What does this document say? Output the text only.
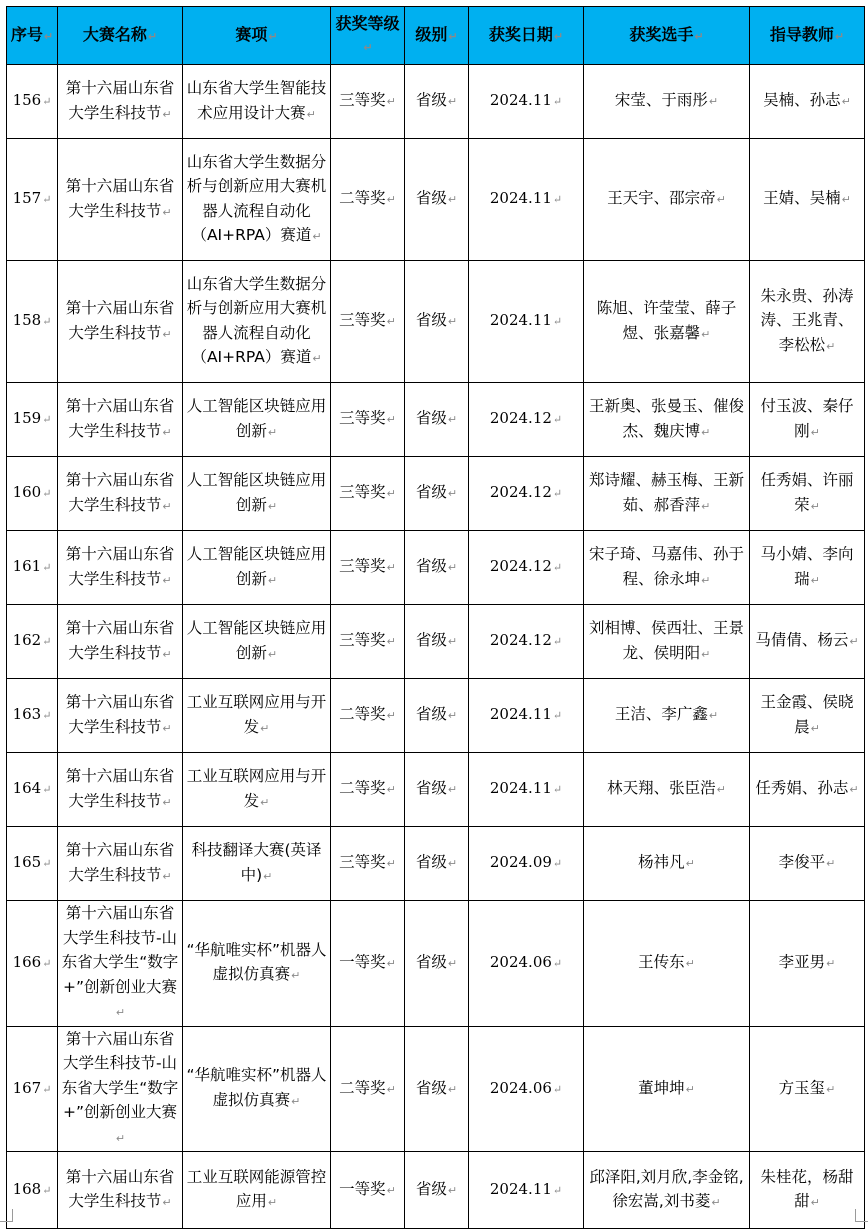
序号↵	大赛名称↵	赛项↵	获奖等级↵	级别↵	获奖日期↵	获奖选手↵	指导教师↵
156↵	第十六届山东省大学生科技节↵	山东省大学生智能技术应用设计大赛↵	三等奖↵	省级↵	2024.11↵	宋莹、于雨彤↵	吴楠、孙志↵
157↵	第十六届山东省大学生科技节↵	山东省大学生数据分析与创新应用大赛机器人流程自动化（AI+RPA）赛道↵	二等奖↵	省级↵	2024.11↵	王天宇、邵宗帝↵	王婧、吴楠↵
158↵	第十六届山东省大学生科技节↵	山东省大学生数据分析与创新应用大赛机器人流程自动化（AI+RPA）赛道↵	三等奖↵	省级↵	2024.11↵	陈旭、许莹莹、薛子煜、张嘉馨↵	朱永贵、孙涛涛、王兆青、李松松↵
159↵	第十六届山东省大学生科技节↵	人工智能区块链应用创新↵	三等奖↵	省级↵	2024.12↵	王新奥、张曼玉、催俊杰、魏庆博↵	付玉波、秦仔刚↵
160↵	第十六届山东省大学生科技节↵	人工智能区块链应用创新↵	三等奖↵	省级↵	2024.12↵	郑诗耀、赫玉梅、王新茹、郝香萍↵	任秀娟、许丽荣↵
161↵	第十六届山东省大学生科技节↵	人工智能区块链应用创新↵	三等奖↵	省级↵	2024.12↵	宋子琦、马嘉伟、孙于程、徐永坤↵	马小婧、李向瑞↵
162↵	第十六届山东省大学生科技节↵	人工智能区块链应用创新↵	三等奖↵	省级↵	2024.12↵	刘相博、侯西壮、王景龙、侯明阳↵	马倩倩、杨云↵
163↵	第十六届山东省大学生科技节↵	工业互联网应用与开发↵	二等奖↵	省级↵	2024.11↵	王洁、李广鑫↵	王金霞、侯晓晨↵
164↵	第十六届山东省大学生科技节↵	工业互联网应用与开发↵	二等奖↵	省级↵	2024.11↵	林天翔、张臣浩↵	任秀娟、孙志↵
165↵	第十六届山东省大学生科技节↵	科技翻译大赛(英译中)↵	三等奖↵	省级↵	2024.09↵	杨祎凡↵	李俊平↵
166↵	第十六届山东省大学生科技节-山东省大学生“数字+”创新创业大赛↵	“华航唯实杯”机器人虚拟仿真赛↵	一等奖↵	省级↵	2024.06↵	王传东↵	李亚男↵
167↵	第十六届山东省大学生科技节-山东省大学生“数字+”创新创业大赛↵	“华航唯实杯”机器人虚拟仿真赛↵	二等奖↵	省级↵	2024.06↵	董坤坤↵	方玉玺↵
168↵	第十六届山东省大学生科技节↵	工业互联网能源管控应用↵	一等奖↵	省级↵	2024.11↵	邱泽阳,刘月欣,李金铭,徐宏嵩,刘书菱↵	朱桂花，杨甜甜↵
